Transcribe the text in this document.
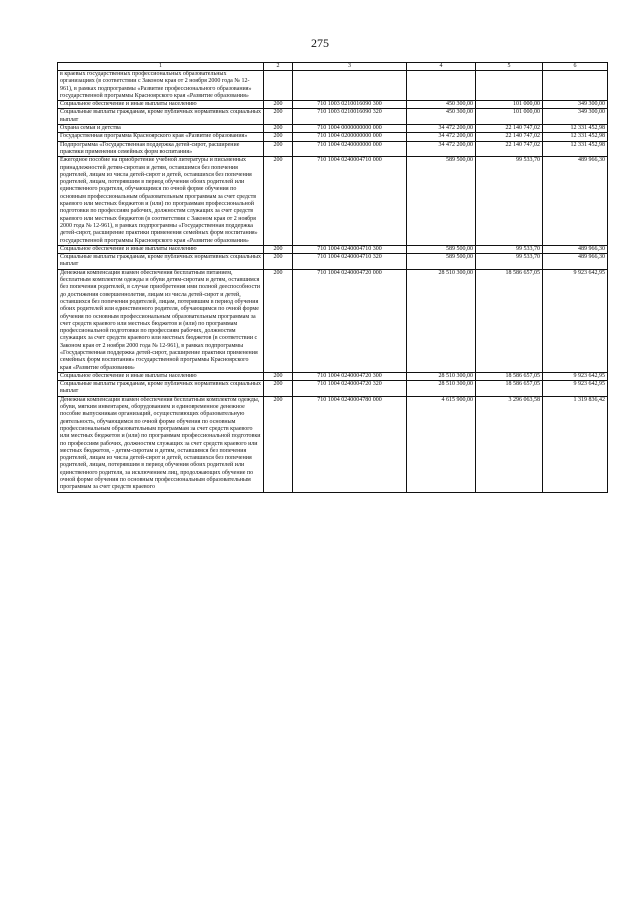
275
1	2	3	4	5	6
в краевых государственных профессиональных образовательных организациях (в соответствии с Законом края от 2 ноября 2000 года № 12-961), в рамках подпрограммы «Развитие профессионального образования» государственной программы Красноярского края «Развитие образования»					
Социальное обеспечение и иные выплаты населению	200	710 1003 0210016090 300	450 300,00	101 000,00	349 300,00
Социальные выплаты гражданам, кроме публичных нормативных социальных выплат	200	710 1003 0210016090 320	450 300,00	101 000,00	349 300,00
Охрана семьи и детства	200	710 1004 0000000000 000	34 472 200,00	22 140 747,02	12 331 452,98
Государственная программа Красноярского края «Развитие образования»	200	710 1004 0200000000 000	34 472 200,00	22 140 747,02	12 331 452,98
Подпрограмма «Государственная поддержка детей-сирот, расширение практики применения семейных форм воспитания»	200	710 1004 0240000000 000	34 472 200,00	22 140 747,02	12 331 452,98
Ежегодное пособие на приобретение учебной литературы и письменных принадлежностей детям-сиротам и детям, оставшимся без попечения родителей, лицам из числа детей-сирот и детей, оставшихся без попечения родителей, лицам, потерявшим в период обучения обоих родителей или единственного родителя, обучающимся по очной форме обучения по основным профессиональным образовательным программам за счет средств краевого или местных бюджетов и (или) по программам профессиональной подготовки по профессиям рабочих, должностям служащих за счет средств краевого или местных бюджетов (в соответствии с Законом края от 2 ноября 2000 года № 12-961), в рамках подпрограммы «Государственная поддержка детей-сирот, расширение практики применения семейных форм воспитания» государственной программы Красноярского края «Развитие образования»	200	710 1004 0240004710 000	589 500,00	99 533,70	489 966,30
Социальное обеспечение и иные выплаты населению	200	710 1004 0240004710 300	589 500,00	99 533,70	489 966,30
Социальные выплаты гражданам, кроме публичных нормативных социальных выплат	200	710 1004 0240004710 320	589 500,00	99 533,70	489 966,30
Денежная компенсация взамен обеспечения бесплатным питанием, бесплатным комплектом одежды и обуви детям-сиротам и детям, оставшимся без попечения родителей, в случае приобретения ими полной дееспособности до достижения совершеннолетия, лицам из числа детей-сирот и детей, оставшихся без попечения родителей, лицам, потерявшим в период обучения обоих родителей или единственного родителя, обучающимся по очной форме обучения по основным профессиональным образовательным программам за счет средств краевого или местных бюджетов и (или) по программам профессиональной подготовки по профессиям рабочих, должностям служащих за счет средств краевого или местных бюджетов (в соответствии с Законом края от 2 ноября 2000 года № 12-961), в рамках подпрограммы «Государственная поддержка детей-сирот, расширение практики применения семейных форм воспитания» государственной программы Красноярского края «Развитие образования»	200	710 1004 0240004720 000	28 510 300,00	18 586 657,05	9 923 642,95
Социальное обеспечение и иные выплаты населению	200	710 1004 0240004720 300	28 510 300,00	18 586 657,05	9 923 642,95
Социальные выплаты гражданам, кроме публичных нормативных социальных выплат	200	710 1004 0240004720 320	28 510 300,00	18 586 657,05	9 923 642,95
Денежная компенсация взамен обеспечения бесплатным комплектом одежды, обуви, мягким инвентарем, оборудованием и единовременное денежное пособие выпускникам организаций, осуществляющих образовательную деятельность, обучающимся по очной форме обучения по основным профессиональным образовательным программам за счет средств краевого или местных бюджетов и (или) по программам профессиональной подготовки по профессиям рабочих, должностям служащих за счет средств краевого или местных бюджетов, - детям-сиротам и детям, оставшимся без попечения родителей, лицам из числа детей-сирот и детей, оставшихся без попечения родителей, лицам, потерявшим в период обучения обоих родителей или единственного родителя, за исключением лиц, продолжающих обучение по очной форме обучения по основным профессиональным образовательным программам за счет средств краевого	200	710 1004 0240004780 000	4 615 900,00	3 296 063,58	1 319 836,42
